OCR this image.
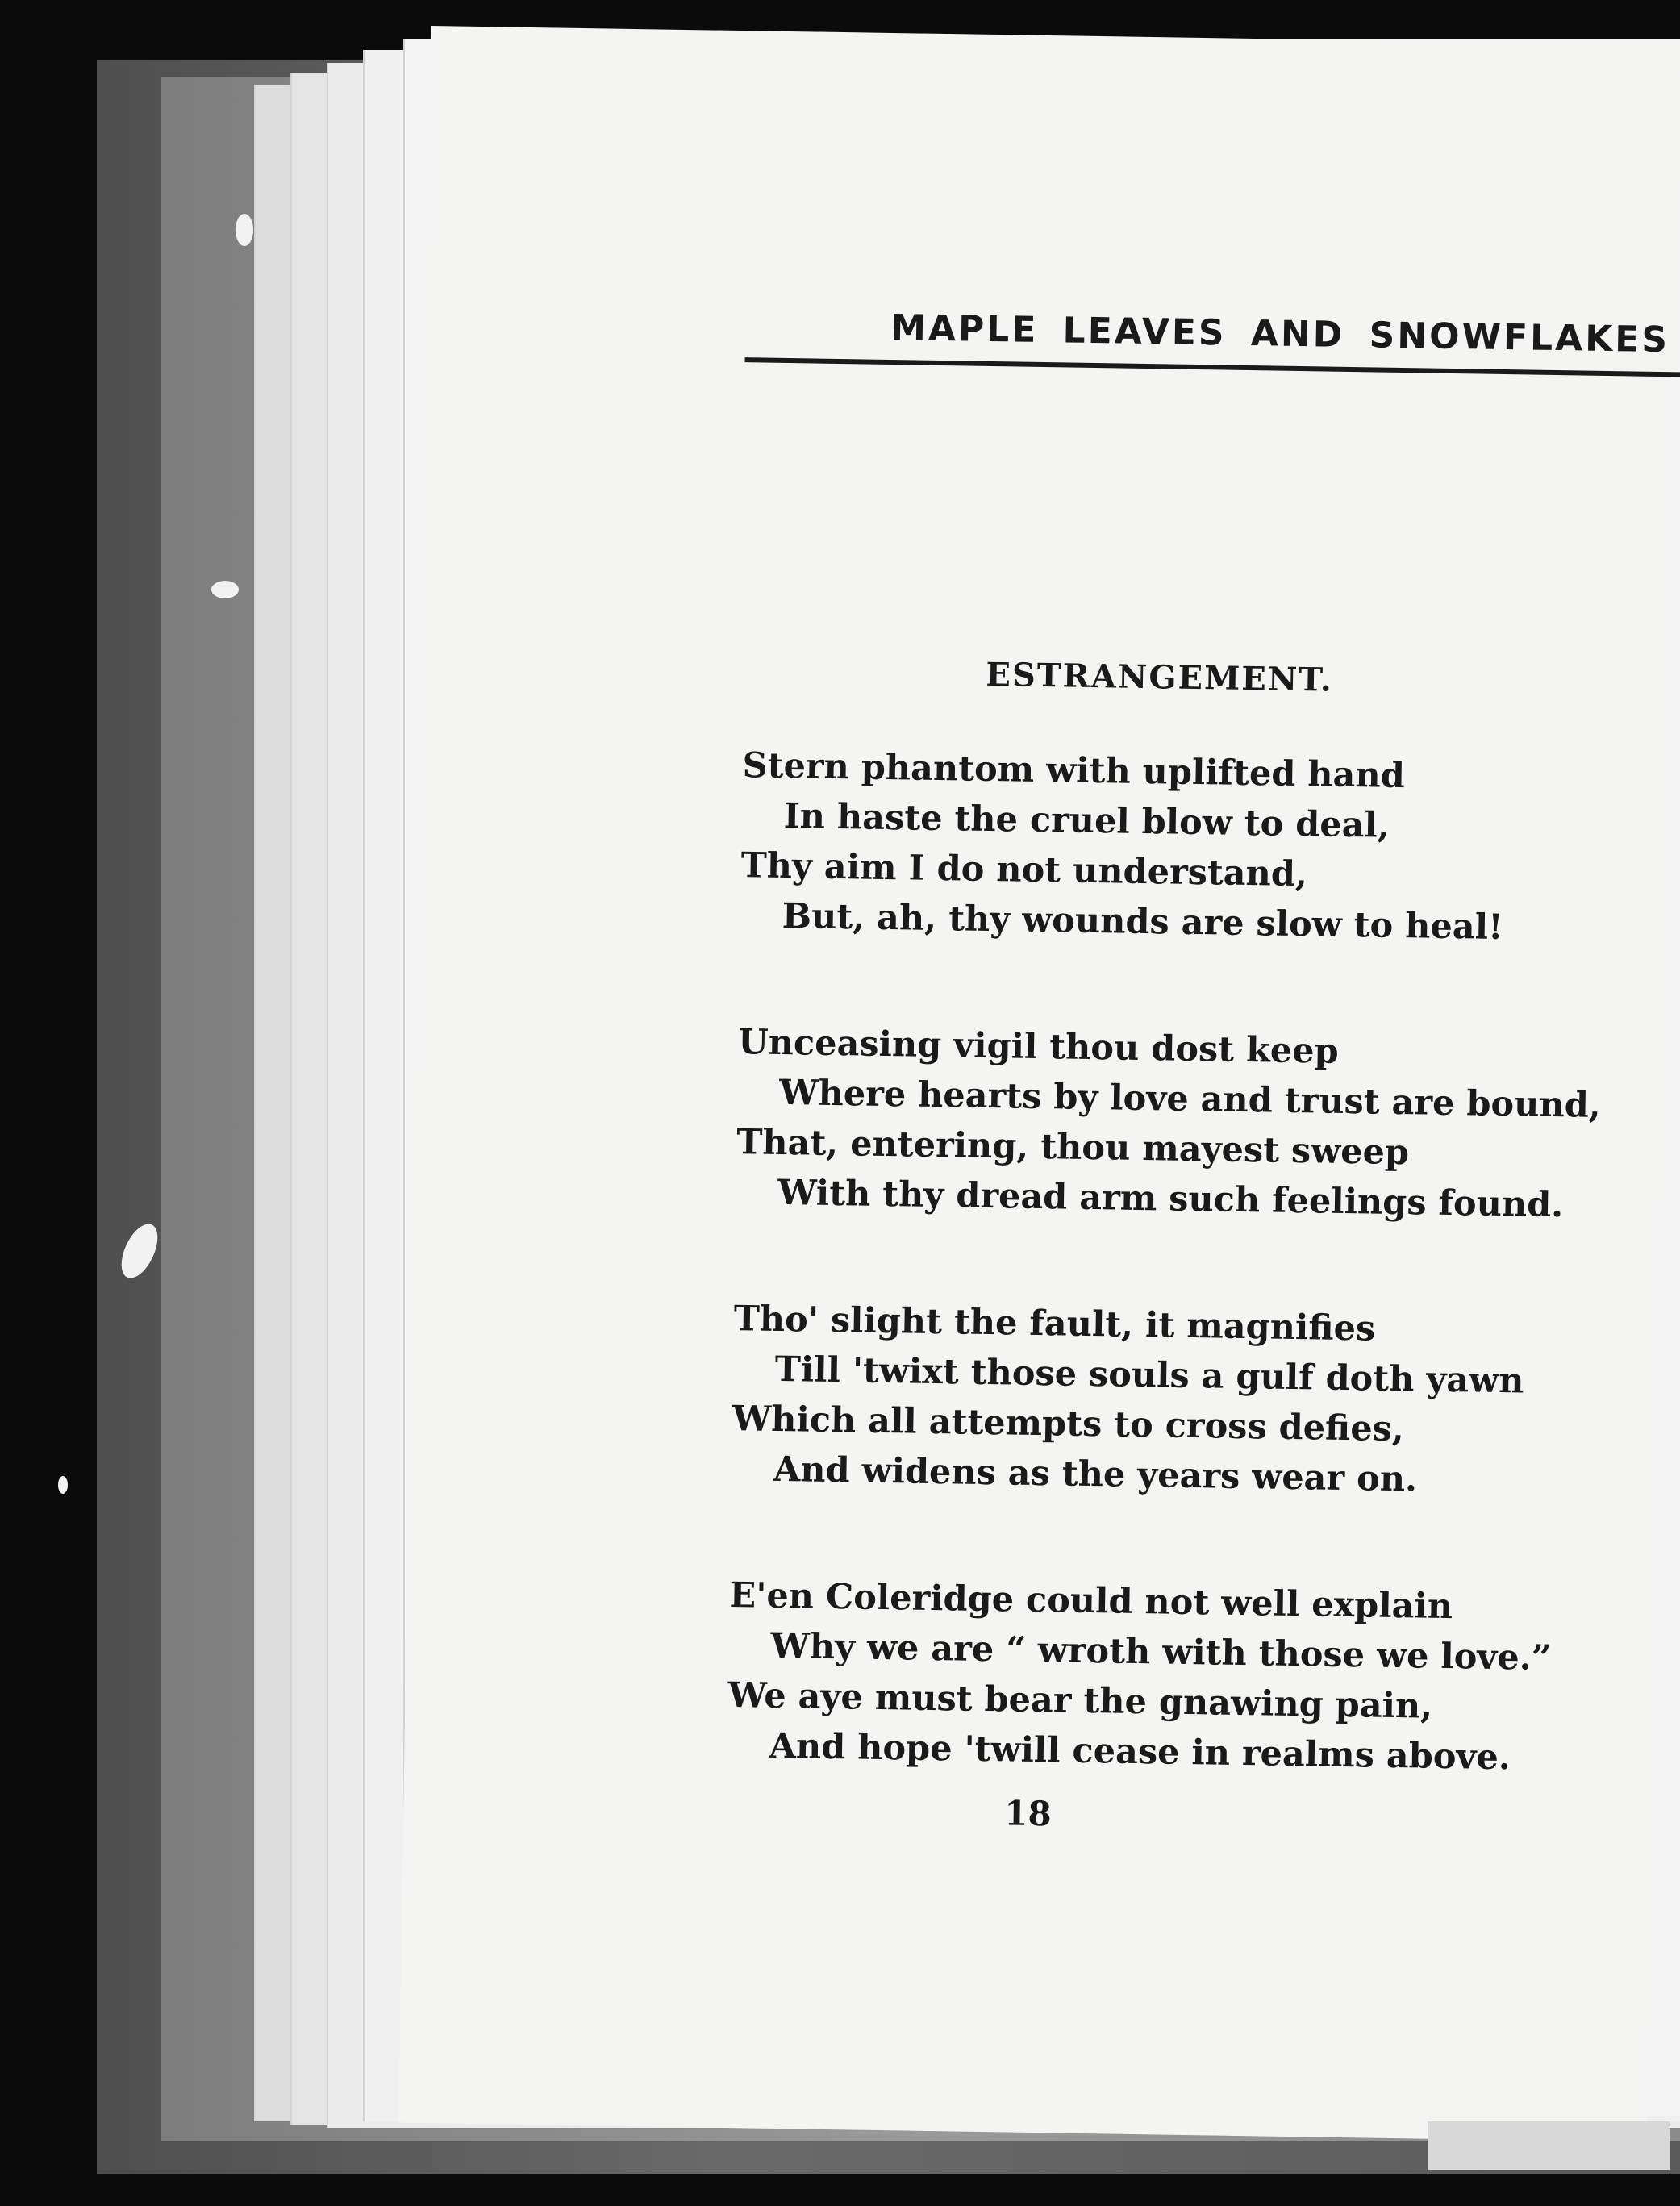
MAPLE LEAVES AND SNOWFLAKES
ESTRANGEMENT.
Stern phantom with uplifted hand
In haste the cruel blow to deal,
Thy aim I do not understand,
But, ah, thy wounds are slow to heal!
Unceasing vigil thou dost keep
Where hearts by love and trust are bound,
That, entering, thou mayest sweep
With thy dread arm such feelings found.
Tho' slight the fault, it magnifies
Till 'twixt those souls a gulf doth yawn
Which all attempts to cross defies,
And widens as the years wear on.
E'en Coleridge could not well explain
Why we are “ wroth with those we love.”
We aye must bear the gnawing pain,
And hope 'twill cease in realms above.
18
